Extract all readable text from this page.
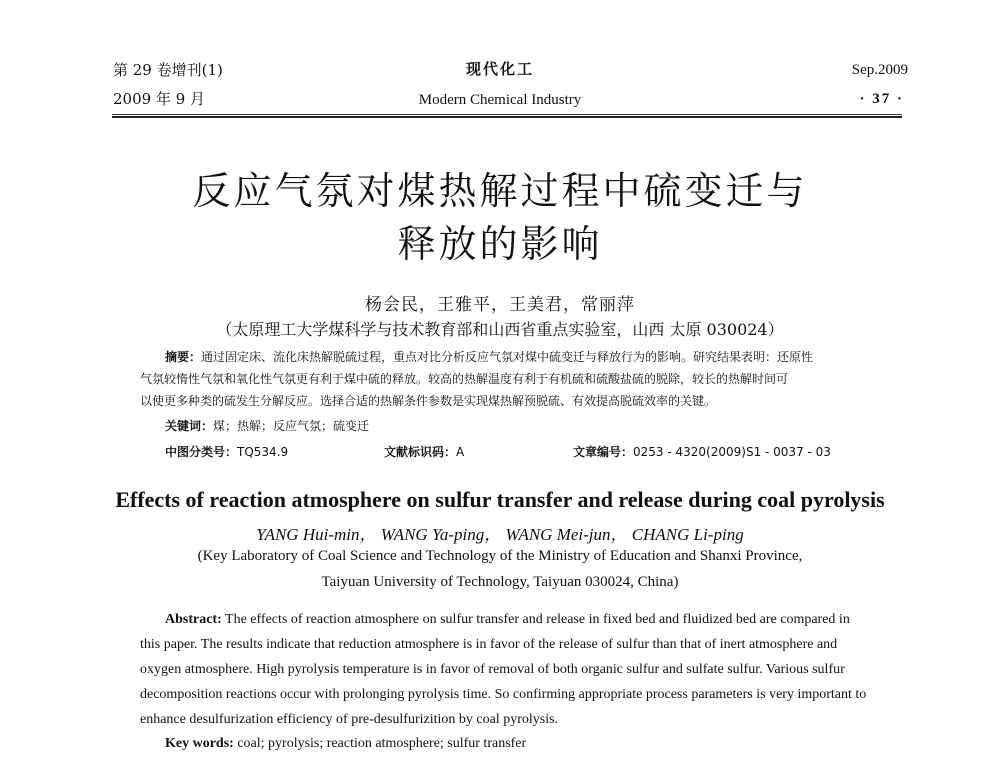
第 29 卷增刊(1)
2009 年 9 月
现代化工
Modern Chemical Industry
Sep.2009
· 37 ·
反应气氛对煤热解过程中硫变迁与
释放的影响
杨会民，王雅平，王美君，常丽萍
（太原理工大学煤科学与技术教育部和山西省重点实验室，山西 太原 030024）
摘要：通过固定床、流化床热解脱硫过程，重点对比分析反应气氛对煤中硫变迁与释放行为的影响。研究结果表明：还原性
气氛较惰性气氛和氧化性气氛更有利于煤中硫的释放。较高的热解温度有利于有机硫和硫酸盐硫的脱除，较长的热解时间可
以使更多种类的硫发生分解反应。选择合适的热解条件参数是实现煤热解预脱硫、有效提高脱硫效率的关键。
关键词：煤；热解；反应气氛；硫变迁
中图分类号：TQ534.9	文献标识码：A	文章编号：0253 - 4320(2009)S1 - 0037 - 03
Effects of reaction atmosphere on sulfur transfer and release during coal pyrolysis
YANG Hui-min， WANG Ya-ping， WANG Mei-jun， CHANG Li-ping
(Key Laboratory of Coal Science and Technology of the Ministry of Education and Shanxi Province,
Taiyuan University of Technology, Taiyuan 030024, China)
Abstract: The effects of reaction atmosphere on sulfur transfer and release in fixed bed and fluidized bed are compared in
this paper. The results indicate that reduction atmosphere is in favor of the release of sulfur than that of inert atmosphere and
oxygen atmosphere. High pyrolysis temperature is in favor of removal of both organic sulfur and sulfate sulfur. Various sulfur
decomposition reactions occur with prolonging pyrolysis time. So confirming appropriate process parameters is very important to
enhance desulfurization efficiency of pre-desulfurizition by coal pyrolysis.
Key words: coal; pyrolysis; reaction atmosphere; sulfur transfer
